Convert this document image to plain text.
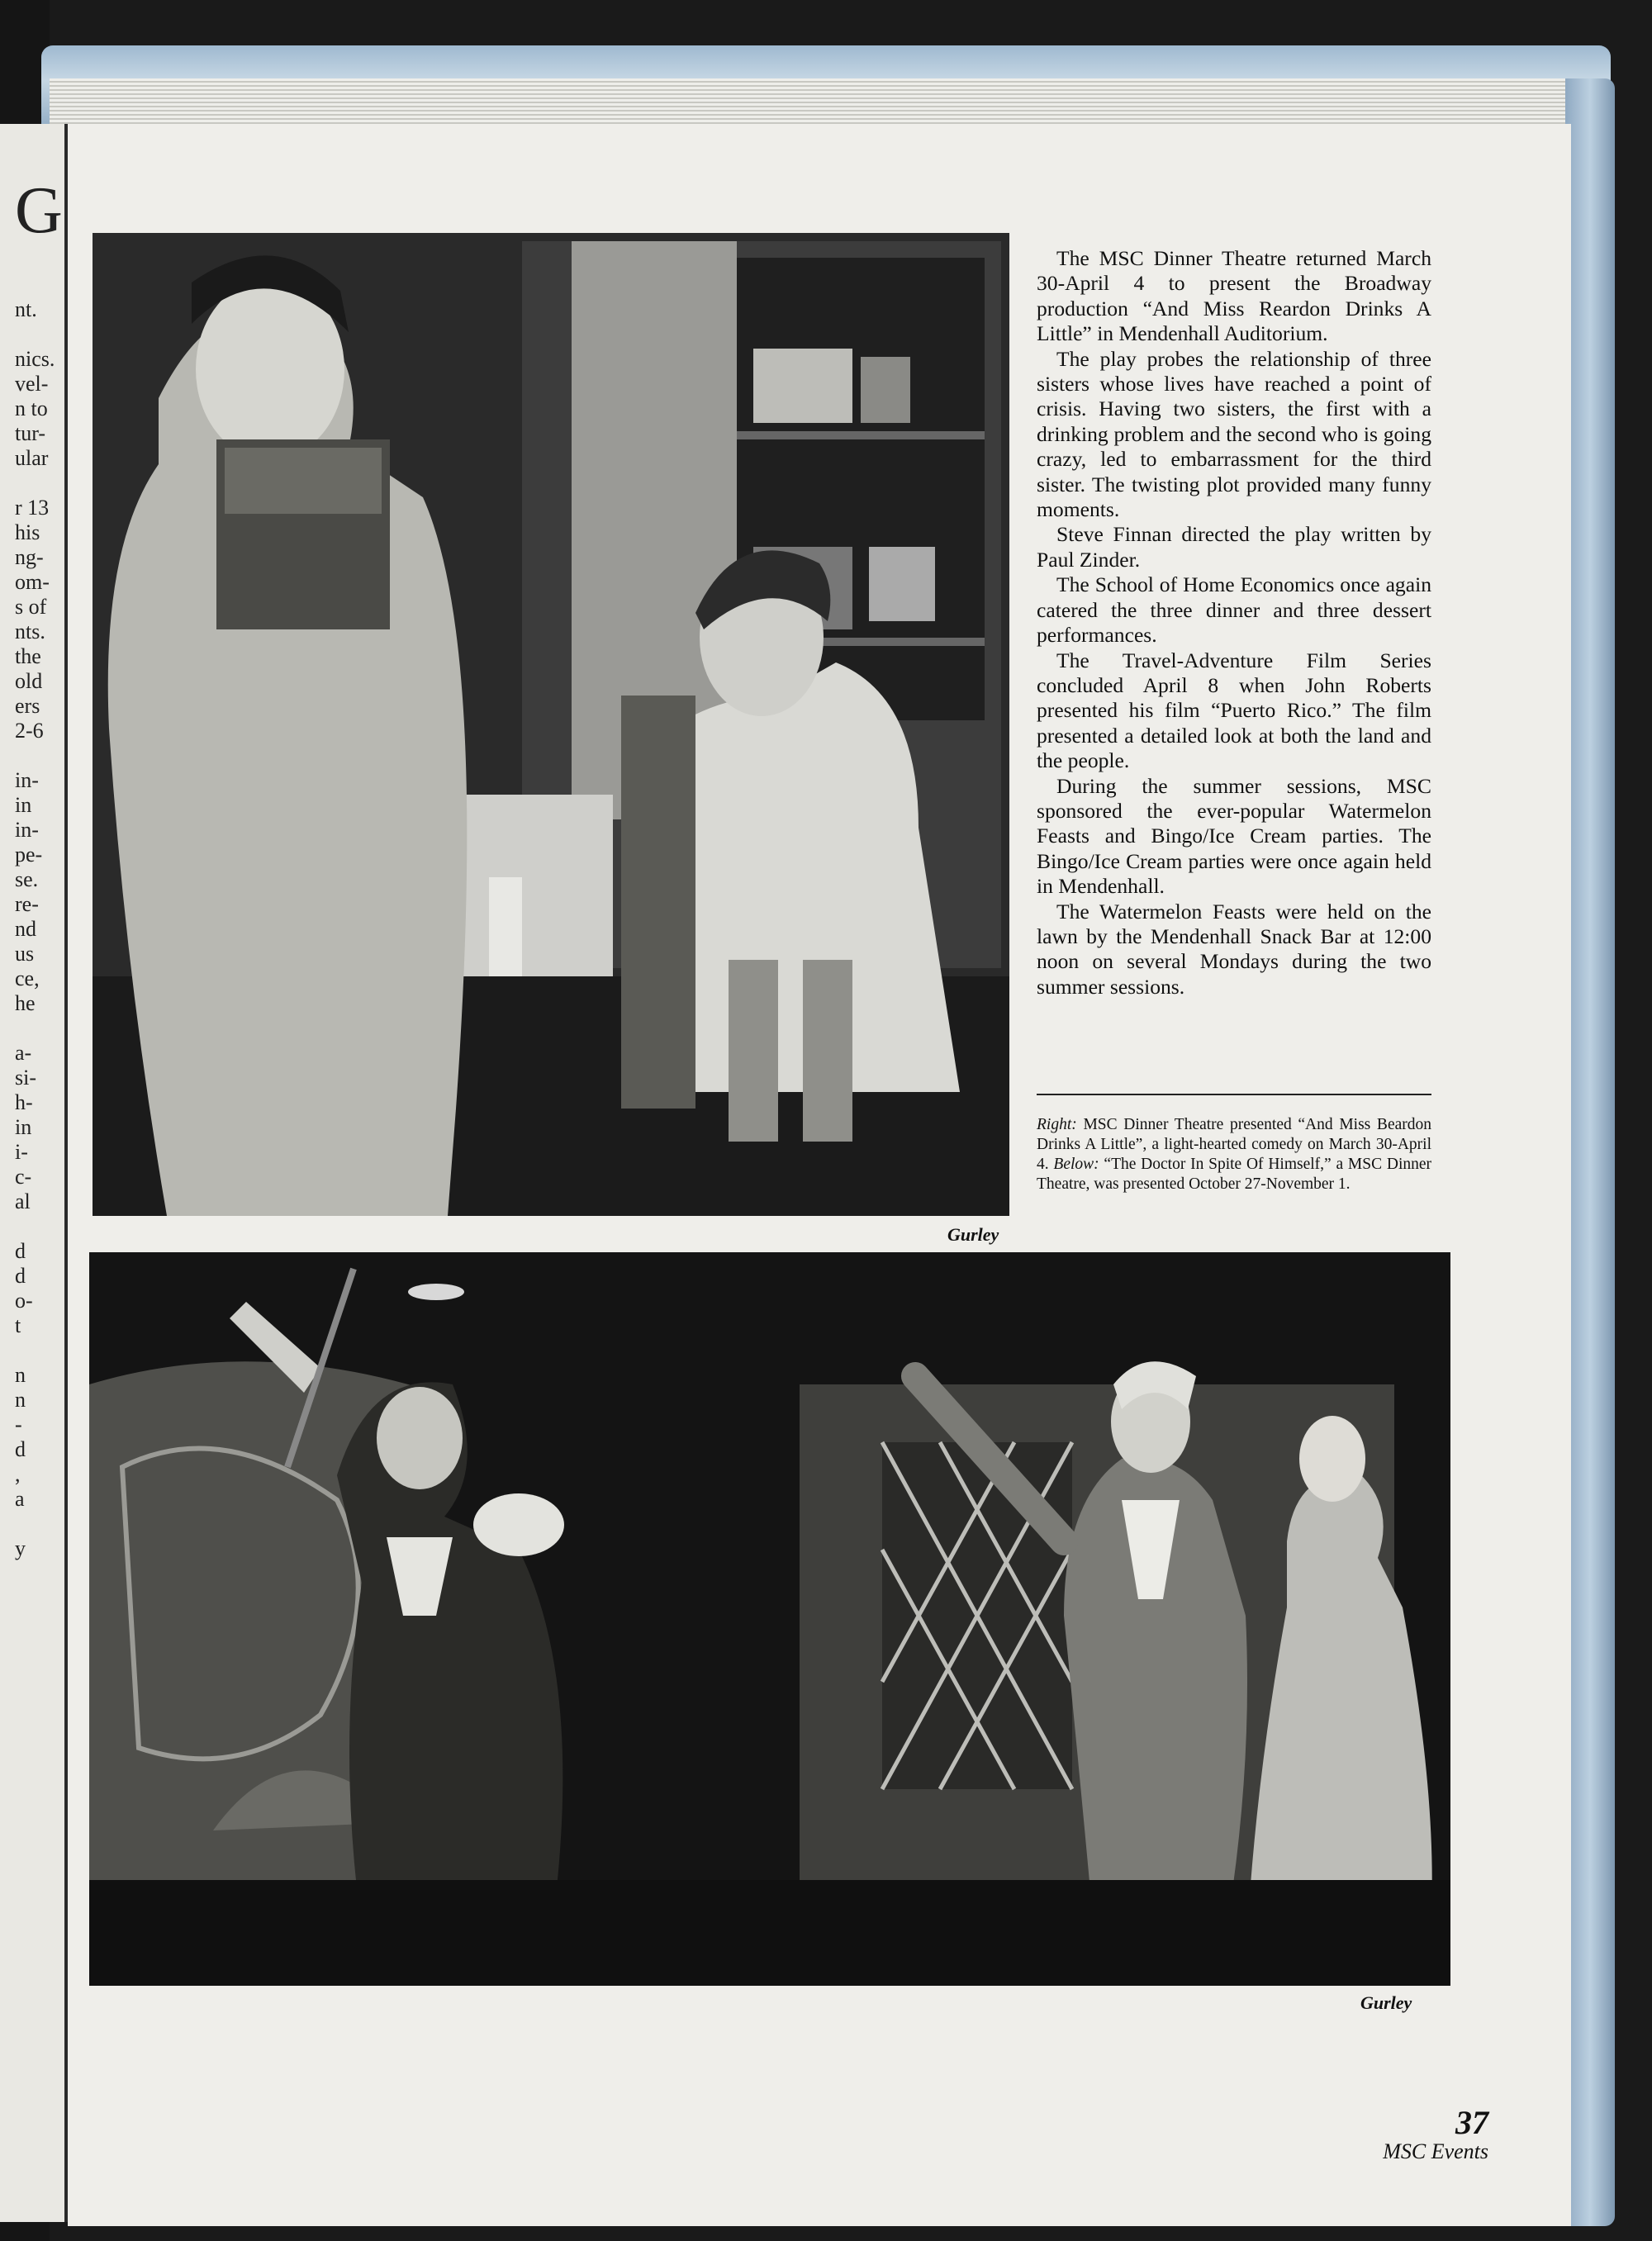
G
nt.

nics.
vel-
n to
tur-
ular

r 13
his
ng-
om-
s of
nts.
the
old
ers
2-6

in-
in
in-
pe-
se.
re-
nd
us
ce,
he

a-
si-
h-
in
i-
c-
al

d
d
o-
t

n
n
-
d
,
a

y
Gurley

The MSC Dinner Theatre returned March 30-April 4 to present the Broadway production “And Miss Reardon Drinks A Little” in Mendenhall Auditorium.

The play probes the relationship of three sisters whose lives have reached a point of crisis. Having two sisters, the first with a drinking problem and the second who is going crazy, led to embarrassment for the third sister. The twisting plot provided many funny moments.

Steve Finnan directed the play written by Paul Zinder.

The School of Home Economics once again catered the three dinner and three dessert performances.

The Travel-Adventure Film Series concluded April 8 when John Roberts presented his film “Puerto Rico.” The film presented a detailed look at both the land and the people.

During the summer sessions, MSC sponsored the ever-popular Watermelon Feasts and Bingo/Ice Cream parties. The Bingo/Ice Cream parties were once again held in Mendenhall.

The Watermelon Feasts were held on the lawn by the Mendenhall Snack Bar at 12:00 noon on several Mondays during the two summer sessions.

Right: MSC Dinner Theatre presented “And Miss Beardon Drinks A Little”, a light-hearted comedy on March 30-April 4. Below: “The Doctor In Spite Of Himself,” a MSC Dinner Theatre, was presented October 27-November 1.
Gurley
37
MSC Events
